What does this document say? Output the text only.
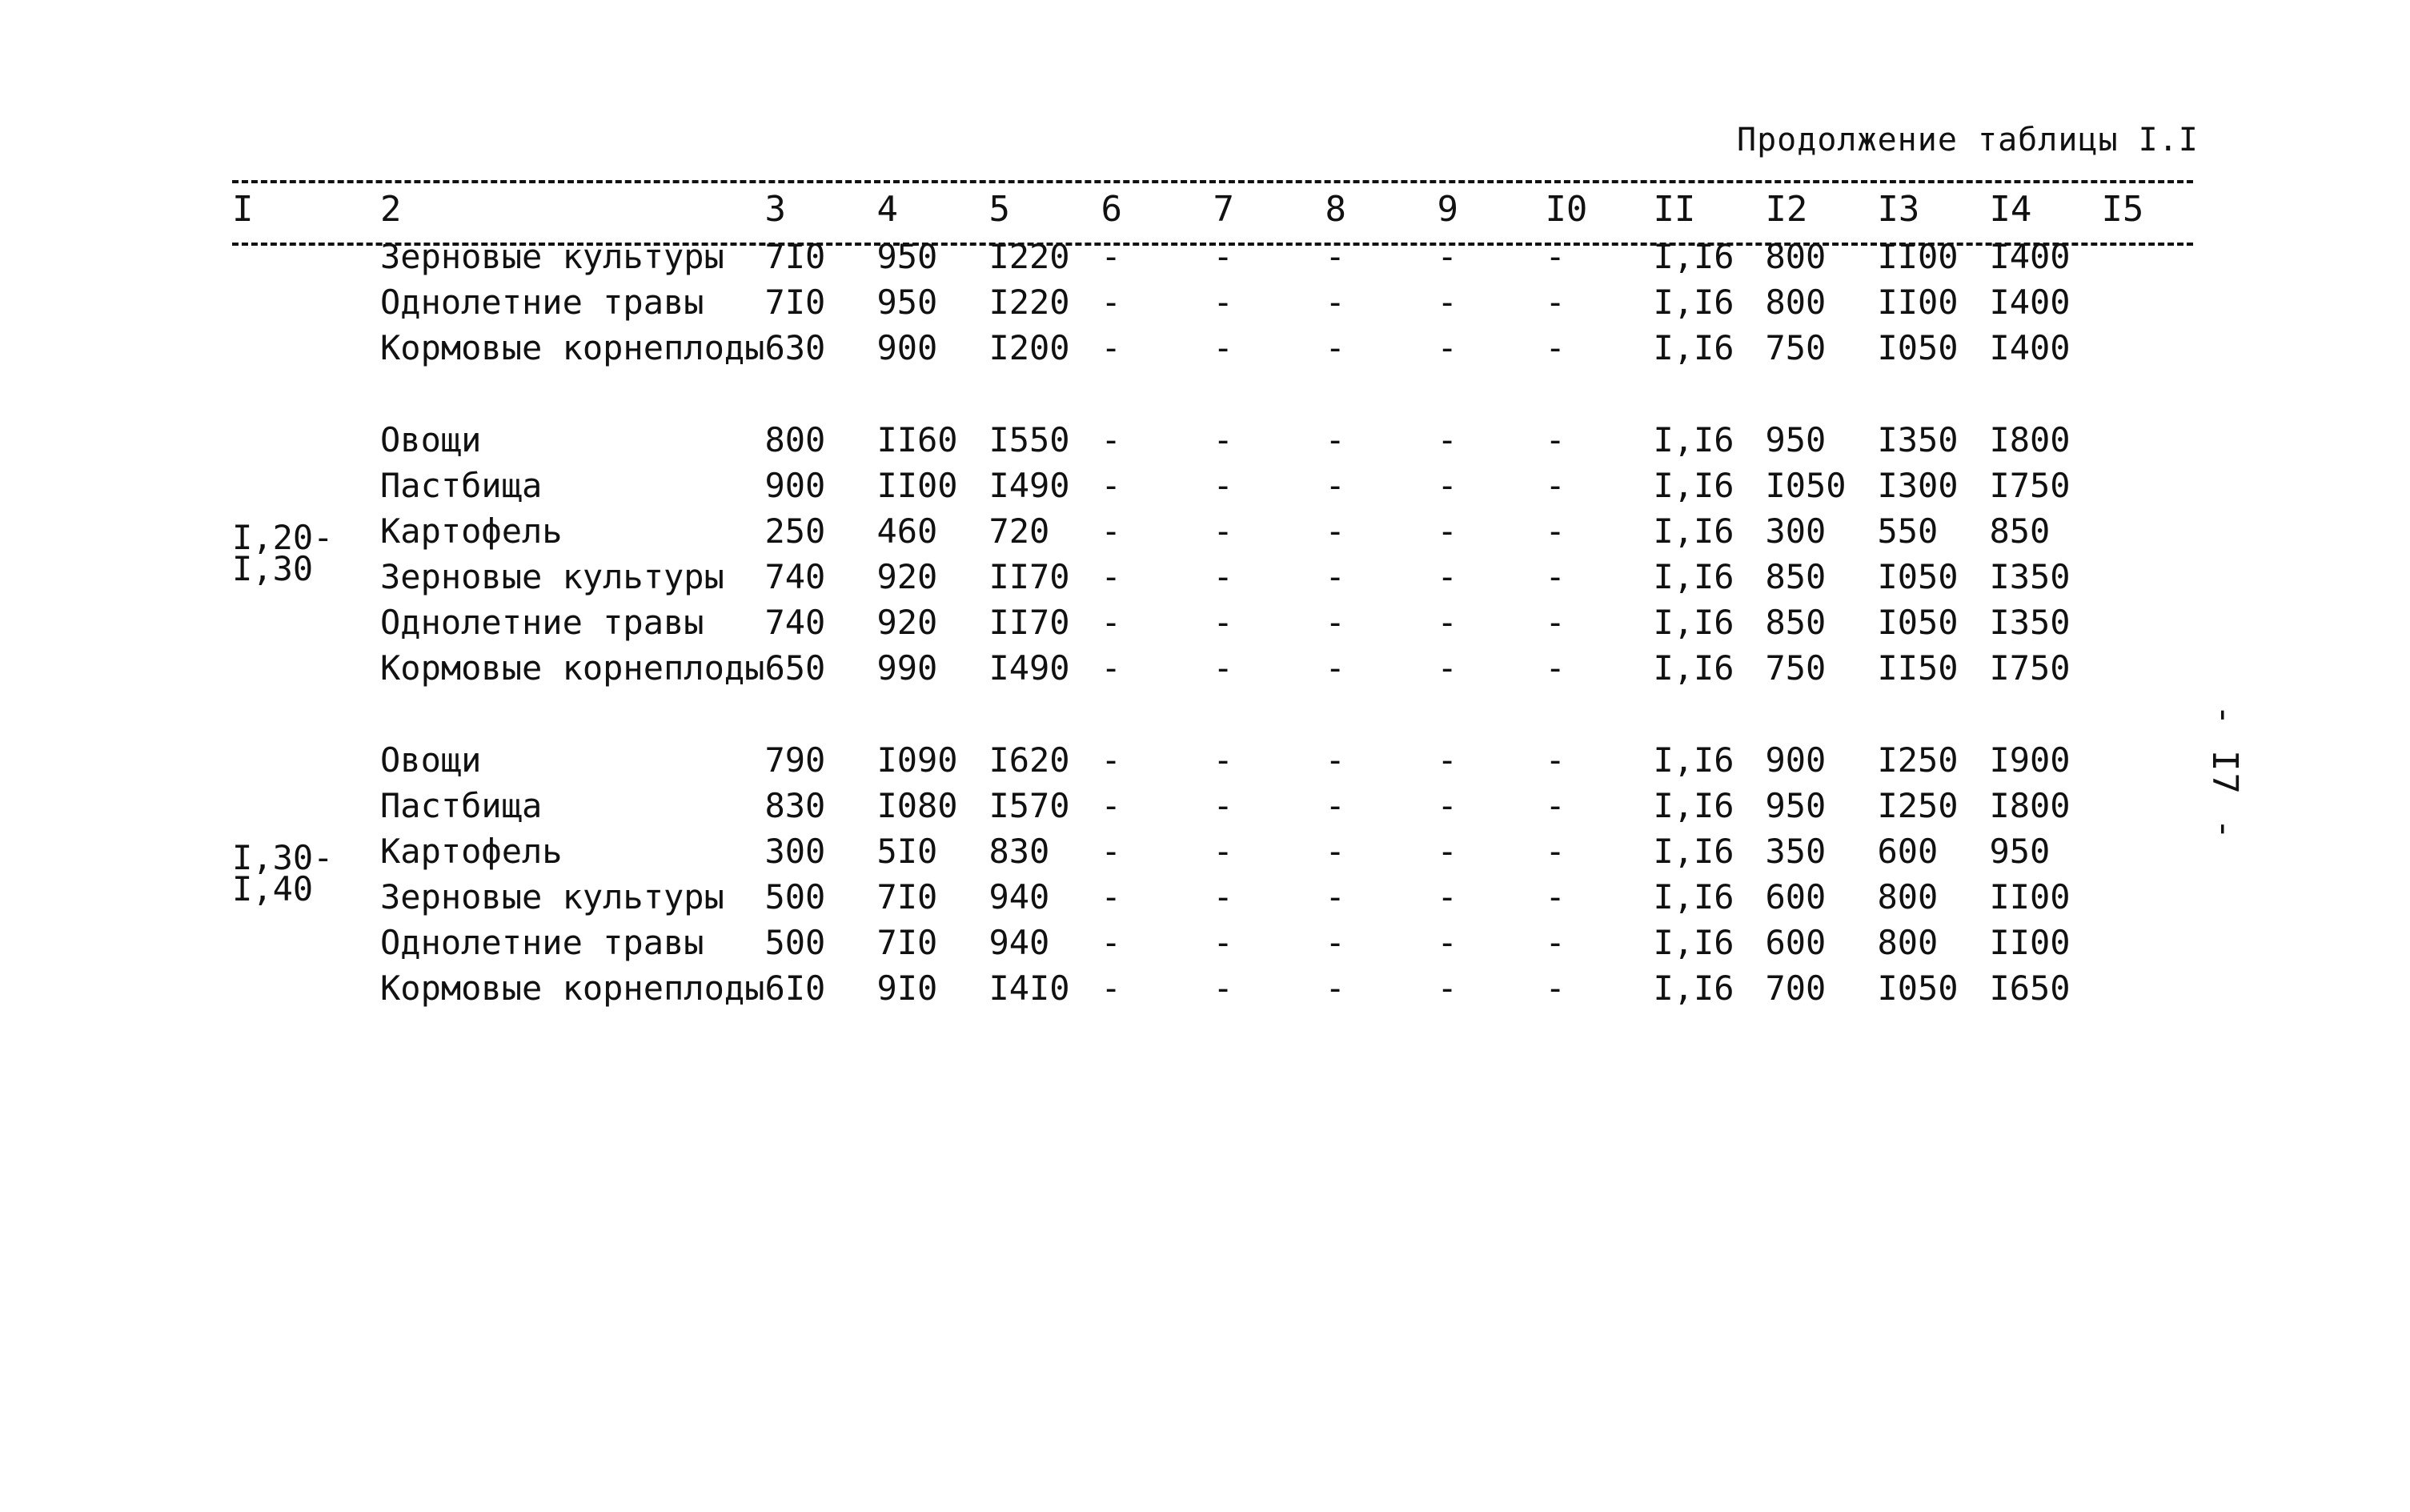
Продолжение таблицы I.I
I	2	3	4	5	6	7	8	9	I0	II	I2	I3	I4	I5
	Зерновые культуры	7I0	950	I220	-	-	-	-	-	I,I6	800	II00	I400	
	Однолетние травы	7I0	950	I220	-	-	-	-	-	I,I6	800	II00	I400	
	Кормовые корнеплоды	630	900	I200	-	-	-	-	-	I,I6	750	I050	I400	

I,20-
I,30	Овощи	800	II60	I550	-	-	-	-	-	I,I6	950	I350	I800	
	Пастбища	900	II00	I490	-	-	-	-	-	I,I6	I050	I300	I750	
	Картофель	250	460	720	-	-	-	-	-	I,I6	300	550	850	
	Зерновые культуры	740	920	II70	-	-	-	-	-	I,I6	850	I050	I350	
	Однолетние травы	740	920	II70	-	-	-	-	-	I,I6	850	I050	I350	
	Кормовые корнеплоды	650	990	I490	-	-	-	-	-	I,I6	750	II50	I750	

I,30-
I,40	Овощи	790	I090	I620	-	-	-	-	-	I,I6	900	I250	I900	
	Пастбища	830	I080	I570	-	-	-	-	-	I,I6	950	I250	I800	
	Картофель	300	5I0	830	-	-	-	-	-	I,I6	350	600	950	
	Зерновые культуры	500	7I0	940	-	-	-	-	-	I,I6	600	800	II00	
	Однолетние травы	500	7I0	940	-	-	-	-	-	I,I6	600	800	II00	
	Кормовые корнеплоды	6I0	9I0	I4I0	-	-	-	-	-	I,I6	700	I050	I650	
- I7 -
